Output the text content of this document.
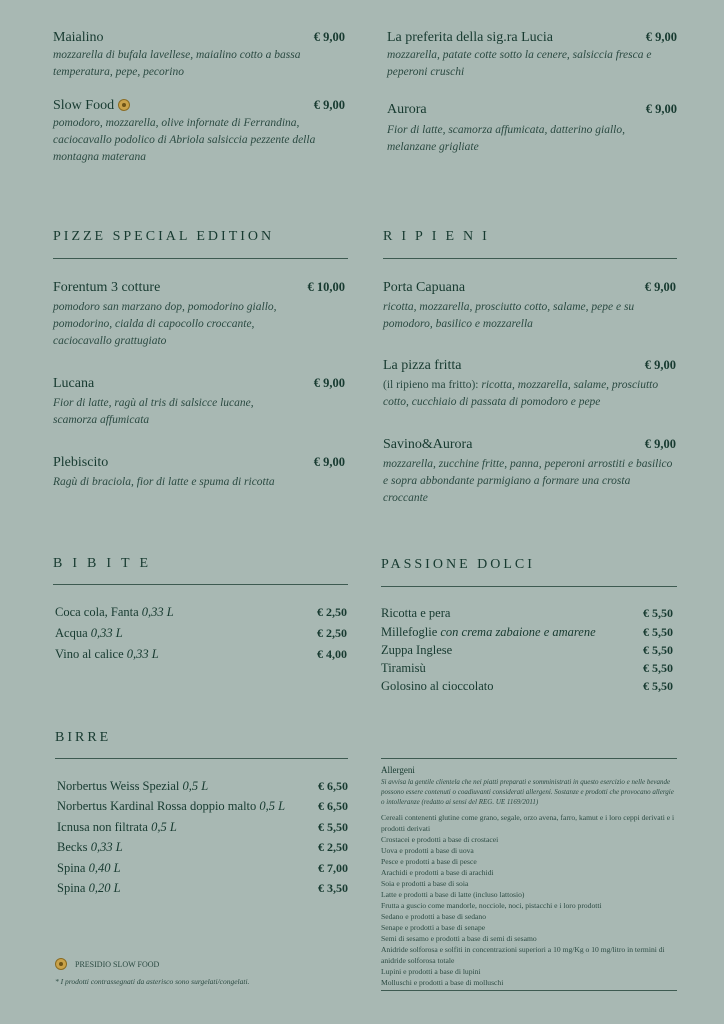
Maialino	€ 9,00
mozzarella di bufala lavellese, maialino cotto a bassa temperatura, pepe, pecorino
Slow Food	€ 9,00
pomodoro, mozzarella, olive infornate di Ferrandina, caciocavallo podolico di Abriola salsiccia pezzente della montagna materana
La preferita della sig.ra Lucia	€ 9,00
mozzarella, patate cotte sotto la cenere, salsiccia fresca e peperoni cruschi
Aurora	€ 9,00
Fior di latte, scamorza affumicata, datterino giallo, melanzane grigliate
PIZZE SPECIAL EDITION
Forentum 3 cotture	€ 10,00
pomodoro san marzano dop, pomodorino giallo, pomodorino, cialda di capocollo croccante, caciocavallo grattugiato
Lucana	€ 9,00
Fior di latte, ragù al tris di salsicce lucane, scamorza affumicata
Plebiscito	€ 9,00
Ragù di braciola, fior di latte e spuma di ricotta
RIPIENI
Porta Capuana	€ 9,00
ricotta, mozzarella, prosciutto cotto, salame, pepe e su pomodoro, basilico e mozzarella
La pizza fritta	€ 9,00
(il ripieno ma fritto): ricotta, mozzarella, salame, prosciutto cotto, cucchiaio di passata di pomodoro e pepe
Savino&Aurora	€ 9,00
mozzarella, zucchine fritte, panna, peperoni arrostiti e basilico e sopra abbondante parmigiano a formare una crosta croccante
BIBITE
Coca cola, Fanta 0,33 L	€ 2,50
Acqua 0,33 L	€ 2,50
Vino al calice 0,33 L	€ 4,00
PASSIONE DOLCI
Ricotta e pera	€ 5,50
Millefoglie con crema zabaione e amarene	€ 5,50
Zuppa Inglese	€ 5,50
Tiramisù	€ 5,50
Golosino al cioccolato	€ 5,50
BIRRE
Norbertus Weiss Spezial 0,5 L	€ 6,50
Norbertus Kardinal Rossa doppio malto 0,5 L	€ 6,50
Icnusa non filtrata 0,5 L	€ 5,50
Becks 0,33 L	€ 2,50
Spina 0,40 L	€ 7,00
Spina 0,20 L	€ 3,50
Allergeni
Si avvisa la gentile clientela che nei piatti preparati e somministrati in questo esercizio e nelle bevande possono essere contenuti o coadiuvanti considerati allergeni. Sostanze e prodotti che provocano allergie o intolleranze (redatto ai sensi del REG. UE 1169/2011)
Cereali contenenti glutine come grano, segale, orzo avena, farro, kamut e i loro ceppi derivati e i prodotti derivati
Crostacei e prodotti a base di crostacei
Uova e prodotti a base di uova
Pesce e prodotti a base di pesce
Arachidi e prodotti a base di arachidi
Soia e prodotti a base di soia
Latte e prodotti a base di latte (incluso lattosio)
Frutta a guscio come mandorle, nocciole, noci, pistacchi e i loro prodotti
Sedano e prodotti a base di sedano
Senape e prodotti a base di senape
Semi di sesamo e prodotti a base di semi di sesamo
Anidride solforosa e solfiti in concentrazioni superiori a 10 mg/Kg o 10 mg/litro in termini di anidride solforosa totale
Lupini e prodotti a base di lupini
Molluschi e prodotti a base di molluschi
PRESIDIO SLOW FOOD
* I prodotti contrassegnati da asterisco sono surgelati/congelati.
